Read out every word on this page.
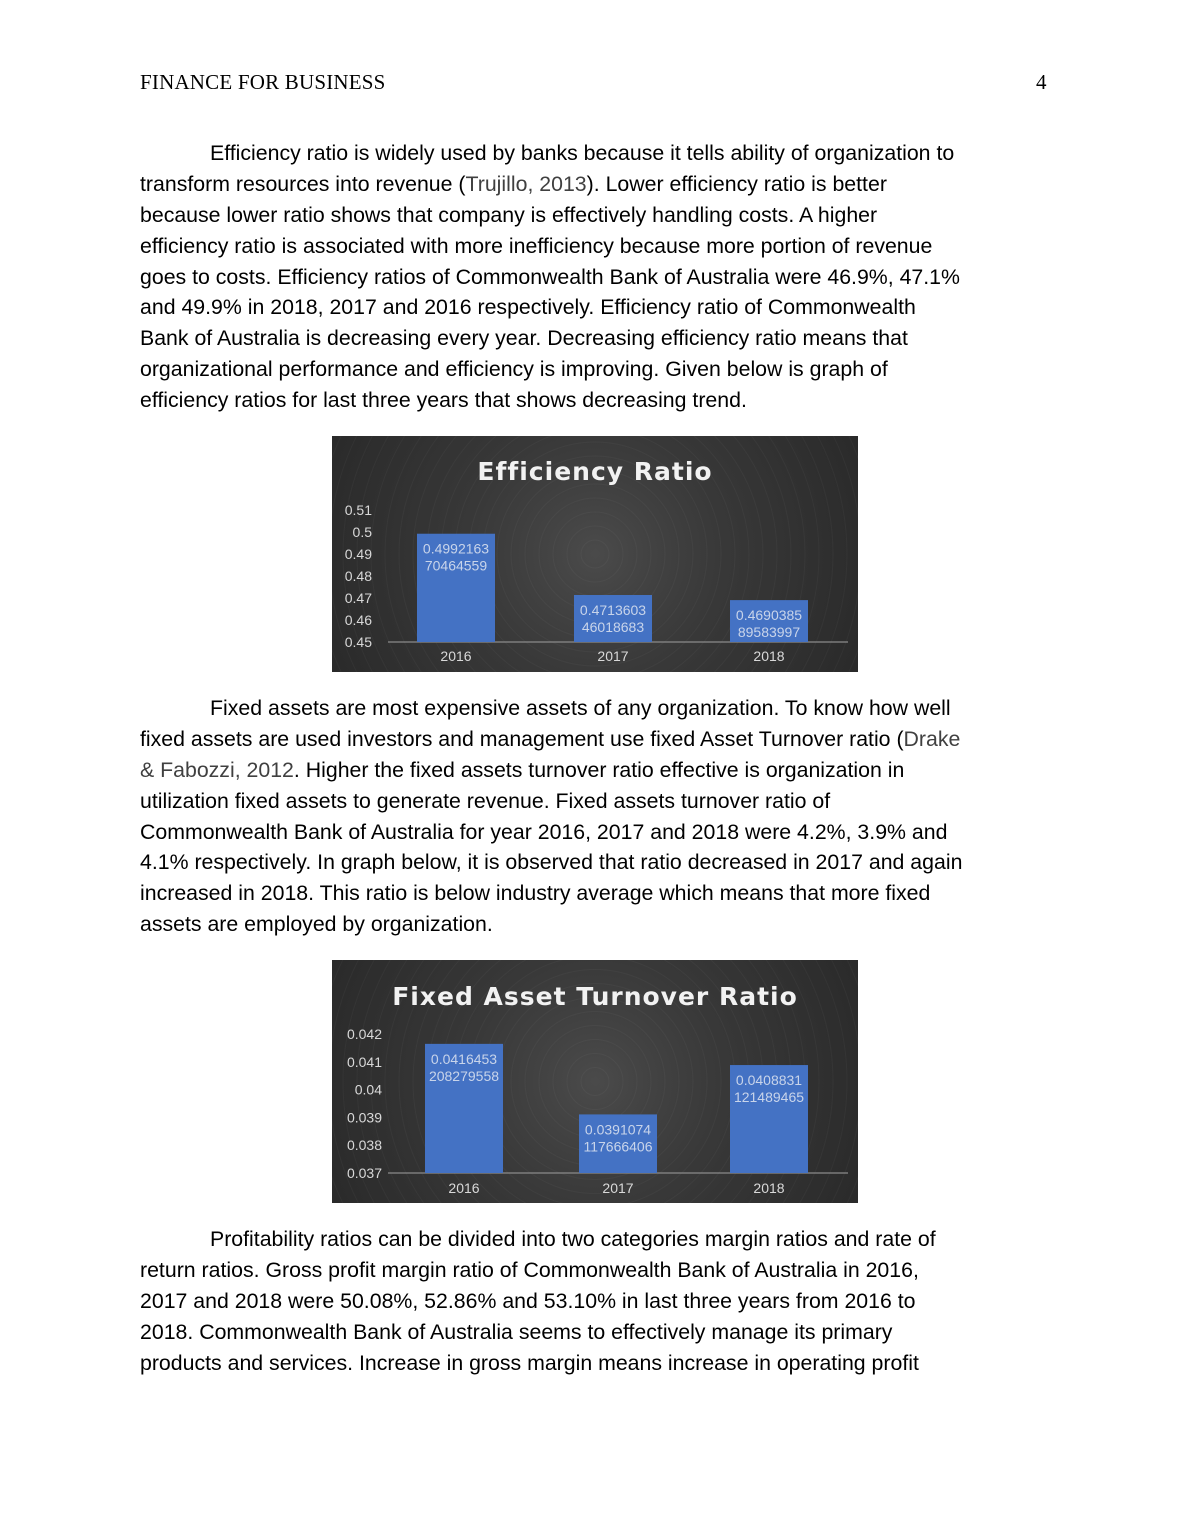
FINANCE FOR BUSINESS	4
Efficiency ratio is widely used by banks because it tells ability of organization to
transform resources into revenue (Trujillo, 2013). Lower efficiency ratio is better
because lower ratio shows that company is effectively handling costs. A higher
efficiency ratio is associated with more inefficiency because more portion of revenue
goes to costs. Efficiency ratios of Commonwealth Bank of Australia were 46.9%, 47.1%
and 49.9% in 2018, 2017 and 2016 respectively. Efficiency ratio of Commonwealth
Bank of Australia is decreasing every year. Decreasing efficiency ratio means that
organizational performance and efficiency is improving. Given below is graph of
efficiency ratios for last three years that shows decreasing trend.
Efficiency Ratio
0.45
0.46
0.47
0.48
0.49
0.5
0.51
0.4992163
70464559
2016
0.4713603
46018683
2017
0.4690385
89583997
2018
Fixed assets are most expensive assets of any organization. To know how well
fixed assets are used investors and management use fixed Asset Turnover ratio (Drake
& Fabozzi, 2012. Higher the fixed assets turnover ratio effective is organization in
utilization fixed assets to generate revenue. Fixed assets turnover ratio of
Commonwealth Bank of Australia for year 2016, 2017 and 2018 were 4.2%, 3.9% and
4.1% respectively. In graph below, it is observed that ratio decreased in 2017 and again
increased in 2018. This ratio is below industry average which means that more fixed
assets are employed by organization.
Fixed Asset Turnover Ratio
0.037
0.038
0.039
0.04
0.041
0.042
0.0416453
208279558
2016
0.0391074
117666406
2017
0.0408831
121489465
2018
Profitability ratios can be divided into two categories margin ratios and rate of
return ratios. Gross profit margin ratio of Commonwealth Bank of Australia in 2016,
2017 and 2018 were 50.08%, 52.86% and 53.10% in last three years from 2016 to
2018. Commonwealth Bank of Australia seems to effectively manage its primary
products and services. Increase in gross margin means increase in operating profit
